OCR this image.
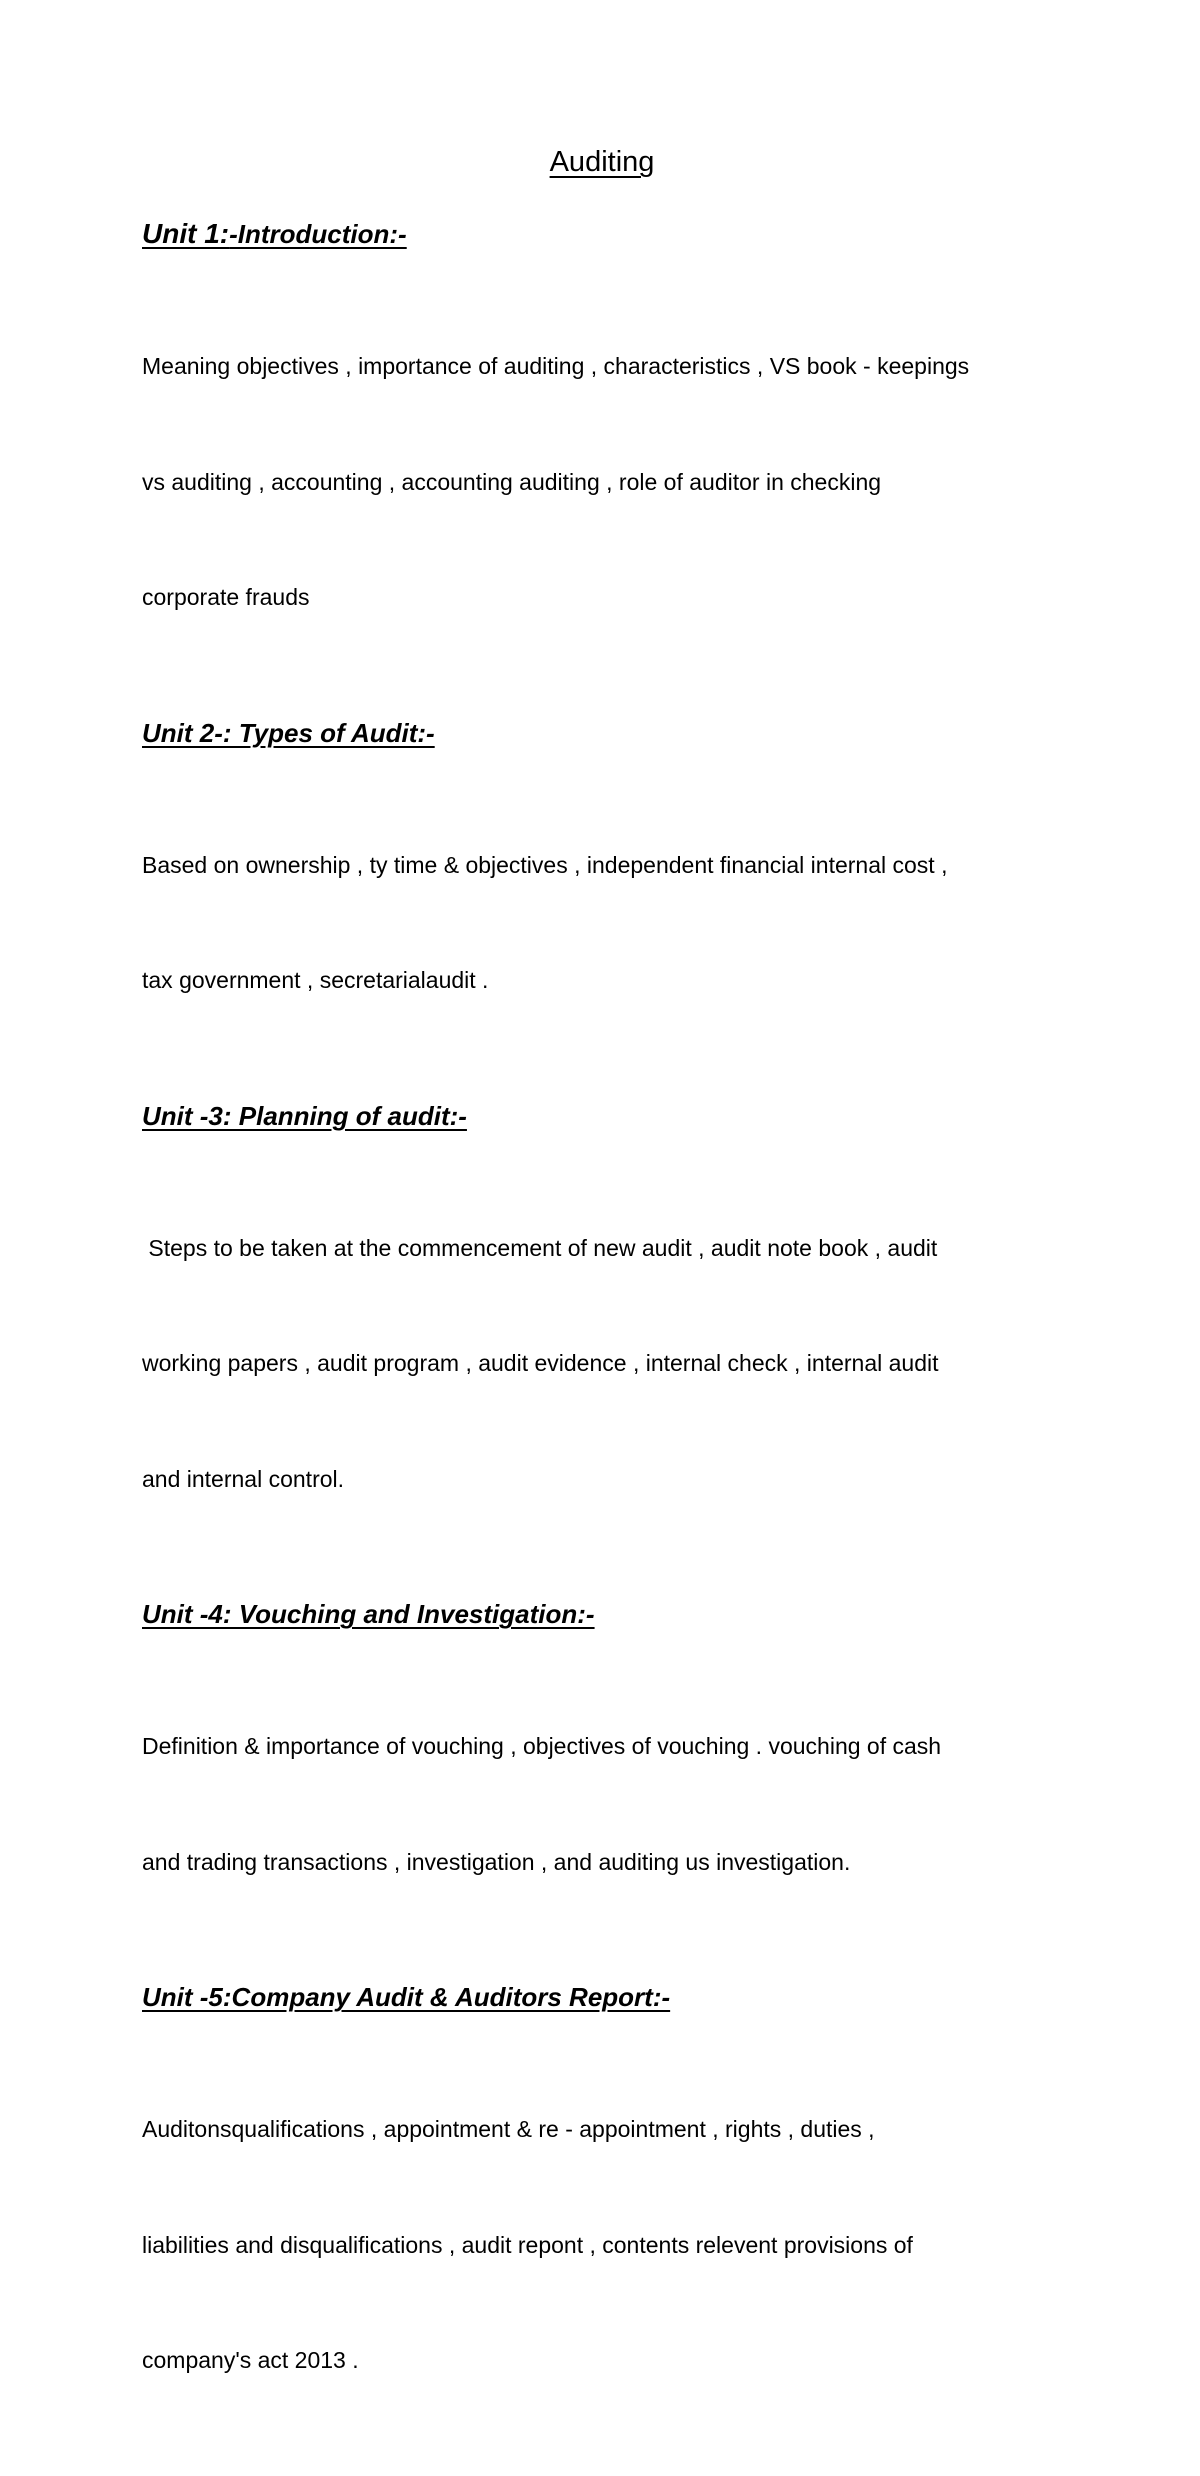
Auditing
Unit 1:-Introduction:-

Meaning objectives , importance of auditing , characteristics , VS book - keepings

vs auditing , accounting , accounting auditing , role of auditor in checking

corporate frauds

Unit 2-: Types of Audit:-

Based on ownership , ty time & objectives , independent financial internal cost ,

tax government , secretarialaudit .

Unit -3: Planning of audit:-

Steps to be taken at the commencement of new audit , audit note book , audit

working papers , audit program , audit evidence , internal check , internal audit

and internal control.

Unit -4: Vouching and Investigation:-

Definition & importance of vouching , objectives of vouching . vouching of cash

and trading transactions , investigation , and auditing us investigation.

Unit -5:Company Audit & Auditors Report:-

Auditonsqualifications , appointment & re - appointment , rights , duties ,

liabilities and disqualifications , audit repont , contents relevent provisions of

company's act 2013 .
